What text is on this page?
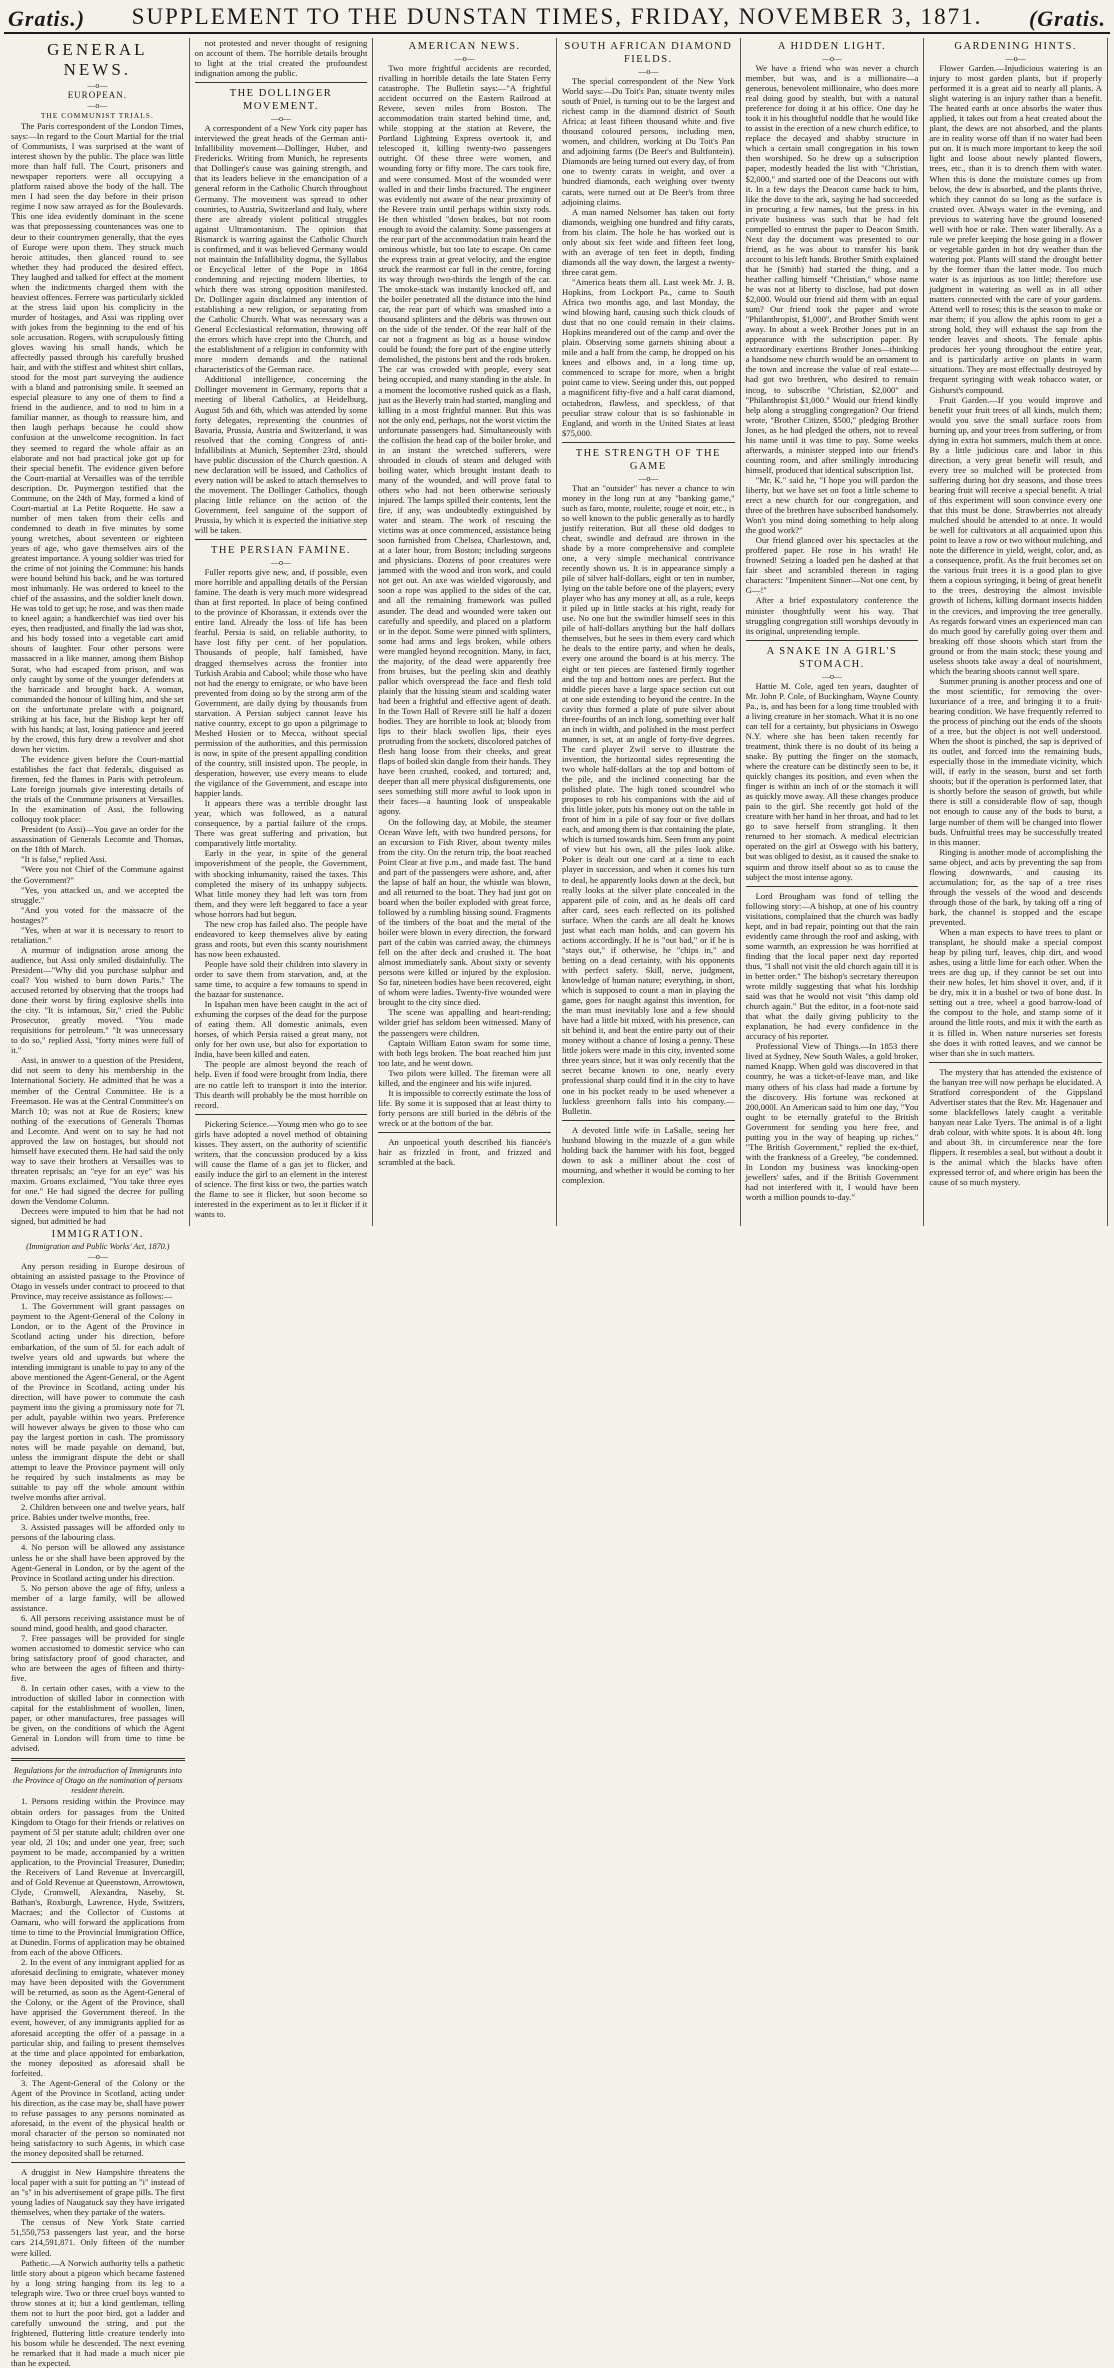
Gratis.)	SUPPLEMENT TO THE DUNSTAN TIMES, FRIDAY, NOVEMBER 3, 1871.	(Gratis.
GENERAL NEWS.
—o—
EUROPEAN.
—o—
THE COMMUNIST TRIALS.

The Paris correspondent of the London Times, says:—In regard to the Court Martial for the trial of Communists, I was surprised at the want of interest shown by the public. The place was little more than half full. The Court, prisoners and newspaper reporters were all occupying a platform raised above the body of the hall. The men I had seen the day before in their prison regime I now saw arrayed as for the Boulevards. This one idea evidently dominant in the scene was that prepossessing countenances was one to deur to their countrymen generally, that the eyes of Europe were upon them. They struck much heroic attitudes, then glanced round to see whether they had produced the desired effect. They laughed and talked for effect at the moment when the indictments charged them with the heaviest offences. Ferrere was particularly sickled at the stress laid upon his complicity in the murder of hostages, and Assi was rippling over with jokes from the beginning to the end of his sole accusation. Rogers, with scrupulously fitting gloves waving his small hands, which he affectedly passed through his carefully brushed hair, and with the stiffest and whitest shirt collars, stood for the most part surveying the audience with a bland and patronising smile. It seemed an especial pleasure to any one of them to find a friend in the audience, and to nod to him in a familiar manner, as though to reassure him, and then laugh perhaps because he could show confusion at the unwelcome recognition. In fact they seemed to regard the whole affair as an elaborate and not bad practical joke got up for their special benefit. The evidence given before the Court-martial at Versailles was of the terrible description. Dr. Puymergon testified that the Commune, on the 24th of May, formed a kind of Court-martial at La Petite Roquette. He saw a number of men taken from their cells and condemned to death in five minutes by some young wretches, about seventeen or eighteen years of age, who gave themselves airs of the greatest importance. A young soldier was tried for the crime of not joining the Commune: his hands were bound behind his back, and he was tortured most inhumanly. He was ordered to kneel to the chief of the assassins, and the soldier knelt down. He was told to get up; he rose, and was then made to kneel again; a handkerchief was tied over his eyes, then readjusted, and finally the lad was shot, and his body tossed into a vegetable cart amid shouts of laughter. Four other persons were massacred in a like manner, among them Bishop Surat, who had escaped from prison, and was only caught by some of the younger defenders at the barricade and brought back. A woman, commanded the honour of killing him, and she set on the unfortunate prelate with a poignard, striking at his face, but the Bishop kept her off with his hands; at last, losing patience and jeered by the crowd, this fury drew a revolver and shot down her victim.

The evidence given before the Court-martial establishes the fact that federals, disguised as firemen, fed the flames in Paris with petroleum. Late foreign journals give interesting details of the trials of the Commune prisoners at Versailles. In the examination of Assi, the following colloquy took place:

President (to Assi)—You gave an order for the assassination of Generals Lecomte and Thomas, on the 18th of March.

"It is false," replied Assi.

"Were you not Chief of the Commune against the Government?"

"Yes, you attacked us, and we accepted the struggle."

"And you voted for the massacre of the hostages?"

"Yes, when at war it is necessary to resort to retaliation."

A murmur of indignation arose among the audience, but Assi only smiled disdainfully. The President—"Why did you purchase sulphur and coal? You wished to burn down Paris." The accused retorted by observing that the troops had done their worst by firing explosive shells into the city. "It is infamous, Sir," cried the Public Prosecutor, greatly moved. "You made requisitions for petroleum." "It was unnecessary to do so," replied Assi, "forty mines were full of it."

Assi, in answer to a question of the President, did not seem to deny his membership in the International Society. He admitted that he was a member of the Central Committee. He is a Freemason. He was at the Central Committee's on March 10; was not at Rue de Rosiers; knew nothing of the executions of Generals Thomas and Lecomte. And went on to say he had not approved the law on hostages, but should not himself have executed them. He had said the only way to save their brothers at Versailles was to threaten reprisals; an "eye for an eye" was his maxim. Groans exclaimed, "You take three eyes for one." He had signed the decree for pulling down the Vendome Column.

Decrees were imputed to him that he had not signed, but admitted he had

not protested and never thought of resigning on account of them. The horrible details brought to light at the trial created the profoundest indignation among the public.

THE DOLLINGER MOVEMENT.
—o—

A correspondent of a New York city paper has interviewed the great heads of the German anti-Infallibility movement—Dollinger, Huber, and Fredericks. Writing from Munich, he represents that Dollinger's cause was gaining strength, and that its leaders believe in the emancipation of a general reform in the Catholic Church throughout Germany. The movement was spread to other countries, to Austria, Switzerland and Italy, where there are already violent political struggles against Ultramontanism. The opinion that Bismarck is warring against the Catholic Church is confirmed, and it was believed Germany would not maintain the Infallibility dogma, the Syllabus or Encyclical letter of the Pope in 1864 condemning and rejecting modern liberties, to which there was strong opposition manifested. Dr. Dollinger again disclaimed any intention of establishing a new religion, or separating from the Catholic Church. What was necessary was a General Ecclesiastical reformation, throwing off the errors which have crept into the Church, and the establishment of a religion in conformity with more modern demands and the national characteristics of the German race.

Additional intelligence, concerning the Dollinger movement in Germany, reports that a meeting of liberal Catholics, at Heidelburg, August 5th and 6th, which was attended by some forty delegates, representing the countries of Bavaria, Prussia, Austria and Switzerland, it was resolved that the coming Congress of anti-Infallibilists at Munich, September 23rd, should have public discussion of the Church question. A new declaration will be issued, and Catholics of every nation will be asked to attach themselves to the movement. The Dollinger Catholics, though placing little reliance on the action of the Government, feel sanguine of the support of Prussia, by which it is expected the initiative step will be taken.

THE PERSIAN FAMINE.
—o—

Fuller reports give new, and, if possible, even more horrible and appalling details of the Persian famine. The death is very much more widespread than at first reported. In place of being confined to the province of Khorassan, it extends over the entire land. Already the loss of life has been fearful. Persia is said, on reliable authority, to have lost fifty per cent. of her population. Thousands of people, half famished, have dragged themselves across the frontier into Turkish Arabia and Cabool; while those who have not had the energy to emigrate, or who have been prevented from doing so by the strong arm of the Government, are daily dying by thousands from starvation. A Persian subject cannot leave his native country, except to go upon a pilgrimage to Meshed Hosien or to Mecca, without special permission of the authorities, and this permission is now, in spite of the present appalling condition of the country, still insisted upon. The people, in desperation, however, use every means to elude the vigilance of the Government, and escape into happier lands.

It appears there was a terrible drought last year, which was followed, as a natural consequence, by a partial failure of the crops. There was great suffering and privation, but comparatively little mortality.

Early in the year, in spite of the general impoverishment of the people, the Government, with shocking inhumanity, raised the taxes. This completed the misery of its unhappy subjects. What little money they had left was torn from them, and they were left beggared to face a year whose horrors had but begun.

The new crop has failed also. The people have endeavored to keep themselves alive by eating grass and roots, but even this scanty nourishment has now been exhausted.

People have sold their children into slavery in order to save them from starvation, and, at the same time, to acquire a few tomauns to spend in the bazaar for sustenance.

In Ispahan men have been caught in the act of exhuming the corpses of the dead for the purpose of eating them. All domestic animals, even horses, of which Persia raised a great many, not only for her own use, but also for exportation to India, have been killed and eaten.

The people are almost beyond the reach of help. Even if food were brought from India, there are no cattle left to transport it into the interior. This dearth will probably be the most horrible on record.

Pickering Science.—Young men who go to see girls have adopted a novel method of obtaining kisses. They assert, on the authority of scientific writers, that the concussion produced by a kiss will cause the flame of a gas jet to flicker, and easily induce the girl to an element in the interest of science. The first kiss or two, the parties watch the flame to see it flicker, but soon become so interested in the experiment as to let it flicker if it wants to.

AMERICAN NEWS.
—o—

Two more frightful accidents are recorded, rivalling in horrible details the late Staten Ferry catastrophe. The Bulletin says:—"A frightful accident occurred on the Eastern Railroad at Revere, seven miles from Boston. The accommodation train started behind time, and, while stopping at the station at Revere, the Portland Lightning Express overtook it, and telescoped it, killing twenty-two passengers outright. Of these three were women, and wounding forty or fifty more. The cars took fire, and were consumed. Most of the wounded were walled in and their limbs fractured. The engineer was evidently not aware of the near proximity of the Revere train until perhaps within sixty rods. He then whistled "down brakes, but not room enough to avoid the calamity. Some passengers at the rear part of the accommodation train heard the ominous whistle, but too late to escape. On came the express train at great velocity, and the engine struck the rearmost car full in the centre, forcing its way through two-thirds the length of the car. The smoke-stack was instantly knocked off, and the boiler penetrated all the distance into the hind car, the rear part of which was smashed into a thousand splinters and the débris was thrown out on the side of the tender. Of the rear half of the car not a fragment as big as a house window could be found; the fore part of the engine utterly demolished, the pistons bent and the rods broken. The car was crowded with people, every seat being occupied, and many standing in the aisle. In a moment the locomotive rushed quick as a flash, just as the Beverly train had started, mangling and killing in a most frightful manner. But this was not the only end, perhaps, not the worst victim the unfortunate passengers had. Simultaneously with the collision the head cap of the boiler broke, and in an instant the wretched sufferers, were shrouded in clouds of steam and deluged with boiling water, which brought instant death to many of the wounded, and will prove fatal to others who had not been otherwise seriously injured. The lamps spilled their contents, lent the fire, if any, was undoubtedly extinguished by water and steam. The work of rescuing the victims was at once commenced, assistance being soon furnished from Chelsea, Charlestown, and, at a later hour, from Boston; including surgeons and physicians. Dozens of poor creatures were jammed with the wood and iron work, and could not get out. An axe was wielded vigorously, and soon a rope was applied to the sides of the car, and all the remaining framework was pulled asunder. The dead and wounded were taken out carefully and speedily, and placed on a platform or in the depot. Some were pinned with splinters, some had arms and legs broken, while others were mangled beyond recognition. Many, in fact, the majority, of the dead were apparently free from bruises, but the peeling skin and deathly pallor which overspread the face and flesh told plainly that the hissing steam and scalding water had been a frightful and effective agent of death. In the Town Hall of Revere still lie half a dozen bodies. They are horrible to look at; bloody from lips to their black swollen lips, their eyes protruding from the sockets, discolored patches of flesh hang loose from their cheeks, and great flaps of boiled skin dangle from their hands. They have been crushed, cooked, and tortured; and, deeper than all mere physical disfigurements, one sees something still more awful to look upon in their faces—a haunting look of unspeakable agony.

On the following day, at Mobile, the steamer Ocean Wave left, with two hundred persons, for an excursion to Fish River, about twenty miles from the city. On the return trip, the boat reached Point Clear at five p.m., and made fast. The band and part of the passengers were ashore, and, after the lapse of half an hour, the whistle was blown, and all returned to the boat. They had just got on board when the boiler exploded with great force, followed by a rumbling hissing sound. Fragments of the timbers of the boat and the metal of the boiler were blown in every direction, the forward part of the cabin was carried away, the chimneys fell on the after deck and crushed it. The boat almost immediately sank. About sixty or seventy persons were killed or injured by the explosion. So far, nineteen bodies have been recovered, eight of whom were ladies. Twenty-five wounded were brought to the city since died.

The scene was appalling and heart-rending; wilder grief has seldom been witnessed. Many of the passengers were children.

Captain William Eaton swam for some time, with both legs broken. The boat reached him just too late, and he went down.

Two pilots were killed. The fireman were all killed, and the engineer and his wife injured.

It is impossible to correctly estimate the loss of life. By some it is supposed that at least thirty to forty persons are still buried in the débris of the wreck or at the bottom of the bar.

An unpoetical youth described his fiancée's hair as frizzled in front, and frizzed and scrambled at the back.

SOUTH AFRICAN DIAMOND FIELDS.
—o—

The special correspondent of the New York World says:—Du Toit's Pan, situate twenty miles south of Pniel, is turning out to be the largest and richest camp in the diamond district of South Africa; at least fifteen thousand white and five thousand coloured persons, including men, women, and children, working at Du Toit's Pan and adjoining farms (De Beer's and Bultfontein). Diamonds are being turned out every day, of from one to twenty carats in weight, and over a hundred diamonds, each weighing over twenty carats, were turned out at De Beer's from three adjoining claims.

A man named Nelsomer has taken out forty diamonds, weighing one hundred and fifty carats, from his claim. The hole he has worked out is only about six feet wide and fifteen feet long, with an average of ten feet in depth, finding diamonds all the way down, the largest a twenty-three carat gem.

"America beats them all. Last week Mr. J. B. Hopkins, from Lockport Pa., came to South Africa two months ago, and last Monday, the wind blowing hard, causing such thick clouds of dust that no one could remain in their claims. Hopkins meandered out of the camp and over the plain. Observing some garnets shining about a mile and a half from the camp, he dropped on his knees and elbows and, in a long time up, commenced to scrape for more, when a bright point came to view. Seeing under this, out popped a magnificent fifty-five and a half carat diamond, octahedron, flawless, and speckless, of that peculiar straw colour that is so fashionable in England, and worth in the United States at least $75,000.

THE STRENGTH OF THE GAME
—o—

That an "outsider" has never a chance to win money in the long run at any "banking game," such as faro, monte, roulette, rouge et noir, etc., is so well known to the public generally as to hardly justify reiteration. But all these old dodges to cheat, swindle and defraud are thrown in the shade by a more comprehensive and complete one, a very simple mechanical contrivance recently shown us. It is in appearance simply a pile of silver half-dollars, eight or ten in number, lying on the table before one of the players; every player who has any money at all, as a rule, keeps it piled up in little stacks at his right, ready for use. No one but the swindler himself sees in this pile of half-dollars anything but the half dollars themselves, but he sees in them every card which he deals to the entire party, and when he deals, every one around the board is at his mercy. The eight or ten pieces are fastened firmly together and the top and bottom ones are perfect. But the middle pieces have a large space section cut out at one side extending to beyond the centre. In the cavity thus formed a plate of pure silver about three-fourths of an inch long, something over half an inch in width, and polished in the most perfect manner, is set, at an angle of forty-five degrees. The card player Zwil serve to illustrate the invention, the horizontal sides representing the two whole half-dollars at the top and bottom of the pile, and the inclined connecting bar the polished plate. The high toned scoundrel who proposes to rob his companions with the aid of this little joker, puts his money out on the table in front of him in a pile of say four or five dollars each, and among them is that containing the plate, which is turned towards him. Seen from any point of view but his own, all the piles look alike. Poker is dealt out one card at a time to each player in succession, and when it comes his turn to deal, he apparently looks down at the deck, but really looks at the silver plate concealed in the apparent pile of coin, and as he deals off card after card, sees each reflected on its polished surface. When the cards are all dealt he knows just what each man holds, and can govern his actions accordingly. If he is "out bad," or if he is "stays out," if otherwise, he "chips in," and betting on a dead certainty, with his opponents with perfect safety. Skill, nerve, judgment, knowledge of human nature; everything, in short, which is supposed to count a man in playing the game, goes for naught against this invention, for the man must inevitably lose and a few should have had a little bit mixed, with his presence, can sit behind it, and beat the entire party out of their money without a chance of losing a penny. These little jokers were made in this city, invented some three years since, but it was only recently that the secret became known to one, nearly every professional sharp could find it in the city to have one in his pocket ready to be used whenever a luckless greenhorn falls into his company.—Bulletin.

A devoted little wife in LaSalle, seeing her husband blowing in the muzzle of a gun while holding back the hammer with his foot, begged down to ask a milliner about the cost of mourning, and whether it would be coming to her complexion.

A HIDDEN LIGHT.
—o—

We have a friend who was never a church member, but was, and is a millionaire—a generous, benevolent millionaire, who does more real doing good by stealth, but with a natural preference for doing it at his office. One day he took it in his thoughtful noddle that he would like to assist in the erection of a new church edifice, to replace the decayed and shabby structure in which a certain small congregation in his town then worshiped. So he drew up a subscription paper, modestly headed the list with "Christian, $2,000," and started one of the Deacons out with it. In a few days the Deacon came back to him, like the dove to the ark, saying he had succeeded in procuring a few names, but the press in his private business was such that he had felt compelled to entrust the paper to Deacon Smith. Next day the document was presented to our friend, as he was about to transfer his bank account to his left hands. Brother Smith explained that he (Smith) had started the thing, and a heather calling himself "Christian," whose name he was not at liberty to disclose, had put down $2,000. Would our friend aid them with an equal sum? Our friend took the paper and wrote "Philanthropist, $1,000", and Brother Smith went away. In about a week Brother Jones put in an appearance with the subscription paper. By extraordinary exertions Brother Jones—thinking a handsome new church would be an ornament to the town and increase the value of real estate—had got two brethren, who desired to remain incog, to subscribe "Christian, $2,000" and "Philanthropist $1,000." Would our friend kindly help along a struggling congregation? Our friend wrote, "Brother Citizen, $500," pledging Brother Jones, as he had pledged the others, not to reveal his name until it was time to pay. Some weeks afterwards, a minister stepped into our friend's counting room, and after smilingly introducing himself, produced that identical subscription list.

"Mr. K." said he, "I hope you will pardon the liberty, but we have set on foot a little scheme to erect a new church for our congregation, and three of the brethren have subscribed handsomely. Won't you mind doing something to help along the good work?"

Our friend glanced over his spectacles at the proffered paper. He rose in his wrath! He frowned! Seizing a loaded pen he dashed at that fair sheet and scrambled thereon in raging characters: "Impenitent Sinner—Not one cent, by G—!"

After a brief expostulatory conference the minister thoughtfully went his way. That struggling congregation still worships devoutly in its original, unpretending temple.

A SNAKE IN A GIRL'S STOMACH.
—o—

Hattie M. Cole, aged ten years, daughter of Mr. John P. Cole, of Buckingham, Wayne County Pa., is, and has been for a long time troubled with a living creature in her stomach. What it is no one can tell for a certainty, but physicians in Oswego N.Y. where she has been taken recently for treatment, think there is no doubt of its being a snake. By putting the finger on the stomach, where the creature can be distinctly seen to be, it quickly changes its position, and even when the finger is within an inch of or the stomach it will as quickly move away. All these changes produce pain to the girl. She recently got hold of the creature with her hand in her throat, and had to let go to save herself from strangling. It then returned to her stomach. A medical electrician operated on the girl at Oswego with his battery, but was obliged to desist, as it caused the snake to squirm and throw itself about so as to cause the subject the most intense agony.

Lord Brougham was fond of telling the following story:—A bishop, at one of his country visitations, complained that the church was badly kept, and in bad repair, pointing out that the rain evidently came through the roof and asking, with some warmth, an expression he was horrified at finding that the local paper next day reported thus, "I shall not visit the old church again till it is in better order." The bishop's secretary thereupon wrote mildly suggesting that what his lordship said was that he would not visit "this damp old church again." But the editor, in a foot-note said that what the daily giving publicity to the explanation, he had every confidence in the accuracy of his reporter.

Professional View of Things.—In 1853 there lived at Sydney, New South Wales, a gold broker, named Knapp. When gold was discovered in that country, he was a ticket-of-leave man, and like many others of his class had made a fortune by the discovery. His fortune was reckoned at 200,000l. An American said to him one day, "You ought to be eternally grateful to the British Government for sending you here free, and putting you in the way of heaping up riches." "The British Government," replied the ex-thief, with the frankness of a Greeley, "be condemned. In London my business was knocking-open jewellers' safes, and if the British Government had not interfered with it, I would have been worth a million pounds to-day."

GARDENING HINTS.
—o—

Flower Garden.—Injudicious watering is an injury to most garden plants, but if properly performed it is a great aid to nearly all plants. A slight watering is an injury rather than a benefit. The heated earth at once absorbs the water thus applied, it takes out from a heat created about the plant, the dews are not absorbed, and the plants are in reality worse off than if no water had been put on. It is much more important to keep the soil light and loose about newly planted flowers, trees, etc., than it is to drench them with water. When this is done the moisture comes up from below, the dew is absorbed, and the plants thrive, which they cannot do so long as the surface is crusted over. Always water in the evening, and previous to watering have the ground loosened well with hoe or rake. Then water liberally. As a rule we prefer keeping the hose going in a flower or vegetable garden in hot dry weather than the watering pot. Plants will stand the drought better by the former than the latter mode. Too much water is as injurious as too little; therefore use judgment in watering as well as in all other matters connected with the care of your gardens. Attend well to roses; this is the season to make or mar them; if you allow the aphis room to get a strong hold, they will exhaust the sap from the tender leaves and shoots. The female aphis produces her young throughout the entire year, and is particularly active on plants in warm situations. They are most effectually destroyed by frequent syringing with weak tobacco water, or Gishurst's compound.

Fruit Garden.—If you would improve and benefit your fruit trees of all kinds, mulch them; would you save the small surface roots from burning up, and your trees from suffering, or from dying in extra hot summers, mulch them at once. By a little judicious care and labor in this direction, a very great benefit will result, and every tree so mulched will be protected from suffering during hot dry seasons, and those trees bearing fruit will receive a special benefit. A trial of this experiment will soon convince every one that this must be done. Strawberries not already mulched should be attended to at once. It would be well for cultivators at all acquainted upon this point to leave a row or two without mulching, and note the difference in yield, weight, color, and, as a consequence, profit. As the fruit becomes set on the various fruit trees it is a good plan to give them a copious syringing, it being of great benefit to the trees, destroying the almost invisible growth of lichens, killing dormant insects hidden in the crevices, and improving the tree generally. As regards forward vines an experienced man can do much good by carefully going over them and breaking off those shoots which start from the ground or from the main stock; these young and useless shoots take away a deal of nourishment, which the bearing shoots cannot well spare.

Summer pruning is another process and one of the most scientific, for removing the over-luxuriance of a tree, and bringing it to a fruit-bearing condition. We have frequently referred to the process of pinching out the ends of the shoots of a tree, but the object is not well understood. When the shoot is pinched, the sap is deprived of its outlet, and forced into the remaining buds, especially those in the immediate vicinity, which will, if early in the season, burst and set forth shoots; but if the operation is performed later, that is shortly before the season of growth, but while there is still a considerable flow of sap, though not enough to cause any of the buds to burst, a large number of them will be changed into flower buds. Unfruitful trees may be successfully treated in this manner.

Ringing is another mode of accomplishing the same object, and acts by preventing the sap from flowing downwards, and causing its accumulation; for, as the sap of a tree rises through the vessels of the wood and descends through those of the bark, by taking off a ring of bark, the channel is stopped and the escape prevented.

When a man expects to have trees to plant or transplant, he should make a special compost heap by piling turf, leaves, chip dirt, and wood ashes, using a little lime for each other. When the trees are dug up, if they cannot be set out into their new holes, let him shovel it over, and, if it be dry, mix it in a bushel or two of bone dust. In setting out a tree, wheel a good barrow-load of the compost to the hole, and stamp some of it around the little roots, and mix it with the earth as it is filled in. When nature nurseries set forests she does it with rotted leaves, and we cannot be wiser than she in such matters.

The mystery that has attended the existence of the banyan tree will now perhaps be elucidated. A Stratford correspondent of the Gippsland Advertiser states that the Rev. Mr. Hagenauer and some blackfellows lately caught a veritable banyan near Lake Tyers. The animal is of a light drab colour, with white spots. It is about 4ft. long and about 3ft. in circumference near the fore flippers. It resembles a seal, but without a doubt it is the animal which the blacks have often expressed terror of, and where origin has been the cause of so much mystery.

IMMIGRATION.
(Immigration and Public Works' Act, 1870.)
—o—

Any person residing in Europe desirous of obtaining an assisted passage to the Province of Otago in vessels under contract to proceed to that Province, may receive assistance as follows:—

1. The Government will grant passages on payment to the Agent-General of the Colony in London, or to the Agent of the Province in Scotland acting under his direction, before embarkation, of the sum of 5l. for each adult of twelve years old and upwards but where the intending immigrant is unable to pay to any of the above mentioned the Agent-General, or the Agent of the Province in Scotland, acting under his direction, will have power to commute the cash payment into the giving a promissory note for 7l. per adult, payable within two years. Preference will however always be given to those who can pay the largest portion in cash. The promissory notes will be made payable on demand, but, unless the immigrant dispute the debt or shall attempt to leave the Province payment will only be required by such instalments as may be suitable to pay off the whole amount within twelve months after arrival.

2. Children between one and twelve years, half price. Babies under twelve months, free.

3. Assisted passages will be afforded only to persons of the labouring class.

4. No person will be allowed any assistance unless he or she shall have been approved by the Agent-General in London, or by the agent of the Province in Scotland acting under his direction.

5. No person above the age of fifty, unless a member of a large family, will be allowed assistance.

6. All persons receiving assistance must be of sound mind, good health, and good character.

7. Free passages will be provided for single women accustomed to domestic service who can bring satisfactory proof of good character, and who are between the ages of fifteen and thirty-five.

8. In certain other cases, with a view to the introduction of skilled labor in connection with capital for the establishment of woollen, linen, paper, or other manufactures, free passages will be given, on the conditions of which the Agent General in London will from time to time be advised.

Regulations for the introduction of Immigrants into the Province of Otago on the nomination of persons resident therein.

1. Persons residing within the Province may obtain orders for passages from the United Kingdom to Otago for their friends or relatives on payment of 5l per statute adult; children over one year old, 2l 10s; and under one year, free; such payment to be made, accompanied by a written application, to the Provincial Treasurer, Dunedin; the Receivers of Land Revenue at Invercargill, and of Gold Revenue at Queenstown, Arrowtown, Clyde, Cromwell, Alexandra, Naseby, St. Bathan's, Roxburgh, Lawrence, Hyde, Switzers, Macraes; and the Collector of Customs at Oamaru, who will forward the applications from time to time to the Provincial Immigration Office, at Dunedin. Forms of application may be obtained from each of the above Officers.

2. In the event of any immigrant applied for as aforesaid declining to emigrate, whatever money may have been deposited with the Government will be returned, as soon as the Agent-General of the Colony, or the Agent of the Province, shall have apprised the Government thereof. In the event, however, of any immigrants applied for as aforesaid accepting the offer of a passage in a particular ship, and failing to present themselves at the time and place appointed for embarkation, the money deposited as aforesaid shall be forfeited.

3. The Agent-General of the Colony or the Agent of the Province in Scotland, acting under his direction, as the case may be, shall have power to refuse passages to any persons nominated as aforesaid, in the event of the physical health or moral character of the person so nominated not being satisfactory to such Agents, in which case the money deposited shall be returned.

A druggist in New Hampshire threatens the local paper with a suit for putting an "i" instead of an "s" in his advertisement of grape pills. The first young ladies of Naugatuck say they have irrigated themselves, when they partake of the waters.

The census of New York State carried 51,550,753 passengers last year, and the horse cars 214,591,871. Only fifteen of the number were killed.

Pathetic.—A Norwich authority tells a pathetic little story about a pigeon which became fastened by a long string hanging from its leg to a telegraph wire. Two or three cruel boys wanted to throw stones at it; but a kind gentleman, telling them not to hurt the poor bird, got a ladder and carefully unwound the string, and put the frightened, fluttering little creature tenderly into his bosom while he descended. The next evening he remarked that it had made a much nicer pie than he expected.
